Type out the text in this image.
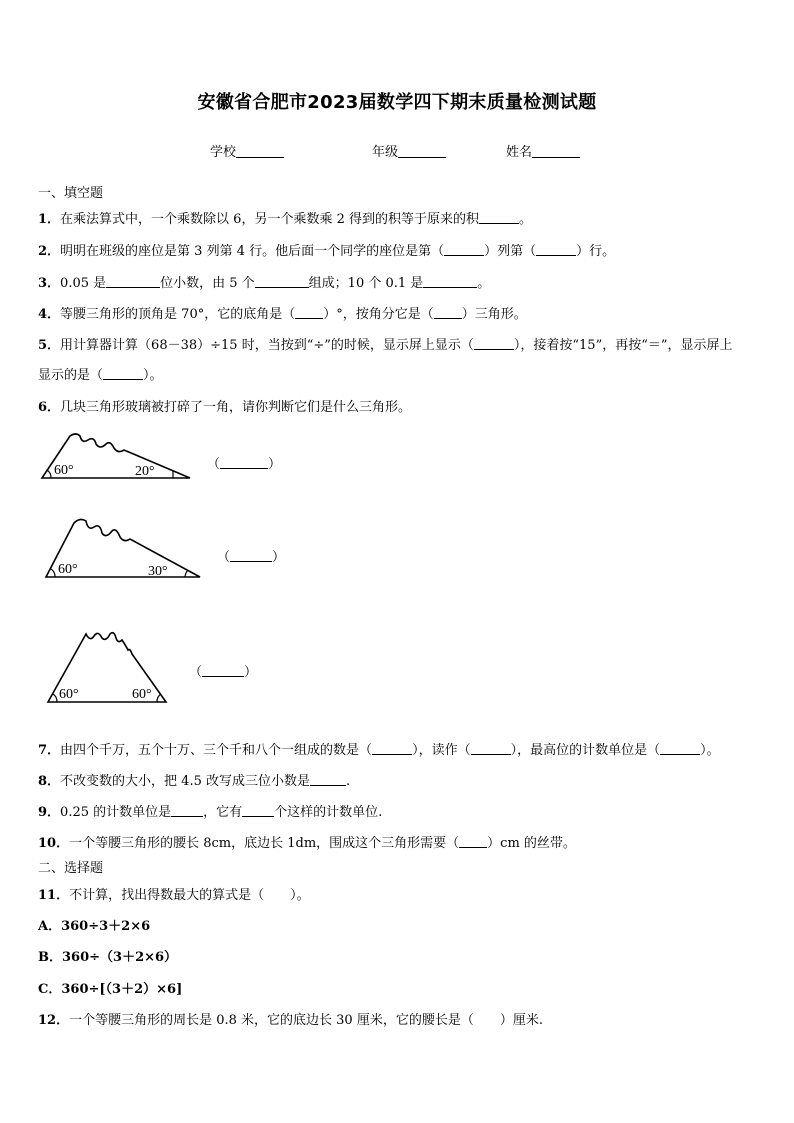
安徽省合肥市2023届数学四下期末质量检测试题
学校	年级	姓名
一、填空题
1．在乘法算式中，一个乘数除以 6，另一个乘数乘 2 得到的积等于原来的积	。
2．明明在班级的座位是第 3 列第 4 行。他后面一个同学的座位是第（	）列第（	）行。
3．0.05 是	位小数，由 5 个	组成；10 个 0.1 是	。
4．等腰三角形的顶角是 70°，它的底角是（ ）°，按角分它是（ ）三角形。
5．用计算器计算（68－38）÷15 时，当按到“÷”的时候，显示屏上显示（	），接着按“15”，再按“＝”，显示屏上
显示的是（	）。
6．几块三角形玻璃被打碎了一角，请你判断它们是什么三角形。
60°	20°	（	）
60°	30°
（	）
60°	60°
（	）
7．由四个千万，五个十万、三个千和八个一组成的数是（	），读作（	），最高位的计数单位是（	）。
8．不改变数的大小，把 4.5 改写成三位小数是	.
9．0.25 的计数单位是 ，它有 个这样的计数单位.
10．一个等腰三角形的腰长 8cm，底边长 1dm，围成这个三角形需要（ ）cm 的丝带。
二、选择题
11．不计算，找出得数最大的算式是（　　）。
A．360÷3＋2×6
B．360÷（3＋2×6）
C．360÷[（3＋2）×6]
12．一个等腰三角形的周长是 0.8 米，它的底边长 30 厘米，它的腰长是（　　）厘米.
